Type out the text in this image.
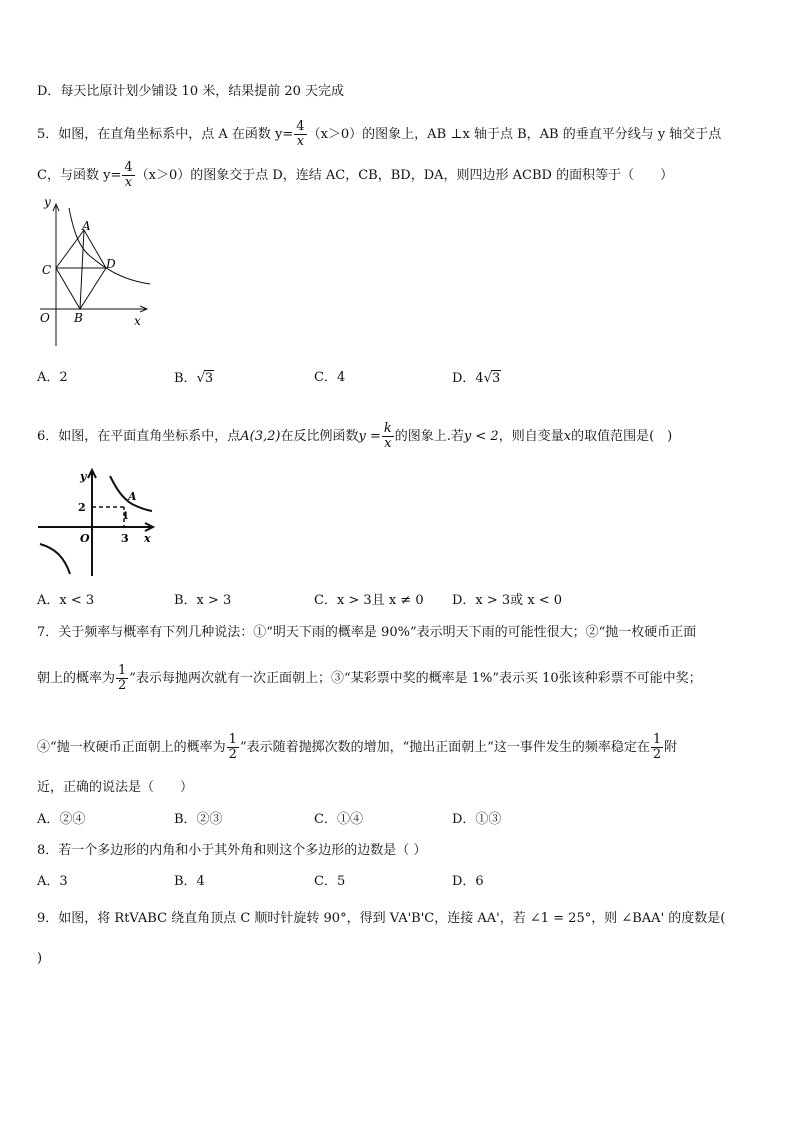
D．每天比原计划少铺设 10 米，结果提前 20 天完成
5．如图，在直角坐标系中，点 A 在函数 $y= \frac{4}{x} (x>0)$的图象上，AB ⊥x 轴于点 B，AB 的垂直平分线与 y 轴交于点
C，与函数 $y= \frac{4}{x} (x>0)$的图象交于点 D，连结 AC，CB，BD，DA，则四边形 ACBD 的面积等于（　　）
y
A
C	D
O B	x
A．2	B．√3	C．4	D．4√3
6．如图，在平面直角坐标系中，点A(3,2)在反比例函数$y = \frac{k}{x}$ 的图象上.若y < 2，则自变量x的取值范围是(　)
y
2
A
1
O	3 x
A．x < 3	B．x > 3	C．x > 3且 x ≠ 0 D．x > 3或 x < 0
7．关于频率与概率有下列几种说法：①“明天下雨的概率是 90%”表示明天下雨的可能性很大；②“抛一枚硬币正面
朝上的概率为 $\frac{1}{2}$ ”表示每抛两次就有一次正面朝上；③“某彩票中奖的概率是 1%”表示买 10张该种彩票不可能中奖；
④“抛一枚硬币正面朝上的概率为 $\frac{1}{2}$ ”表示随着抛掷次数的增加，“抛出正面朝上”这一事件发生的频率稳定在 $\frac{1}{2}$ 附
近，正确的说法是（　　）
A．②④	B．②③	C．①④	D．①③
8．若一个多边形的内角和小于其外角和则这个多边形的边数是（ ）
A．3	B．4	C．5	D．6
9．如图，将 RtVABC 绕直角顶点 C 顺时针旋转 90°，得到 VA'B'C，连接 AA'，若 ∠1 = 25°，则 ∠BAA' 的度数是(
)
